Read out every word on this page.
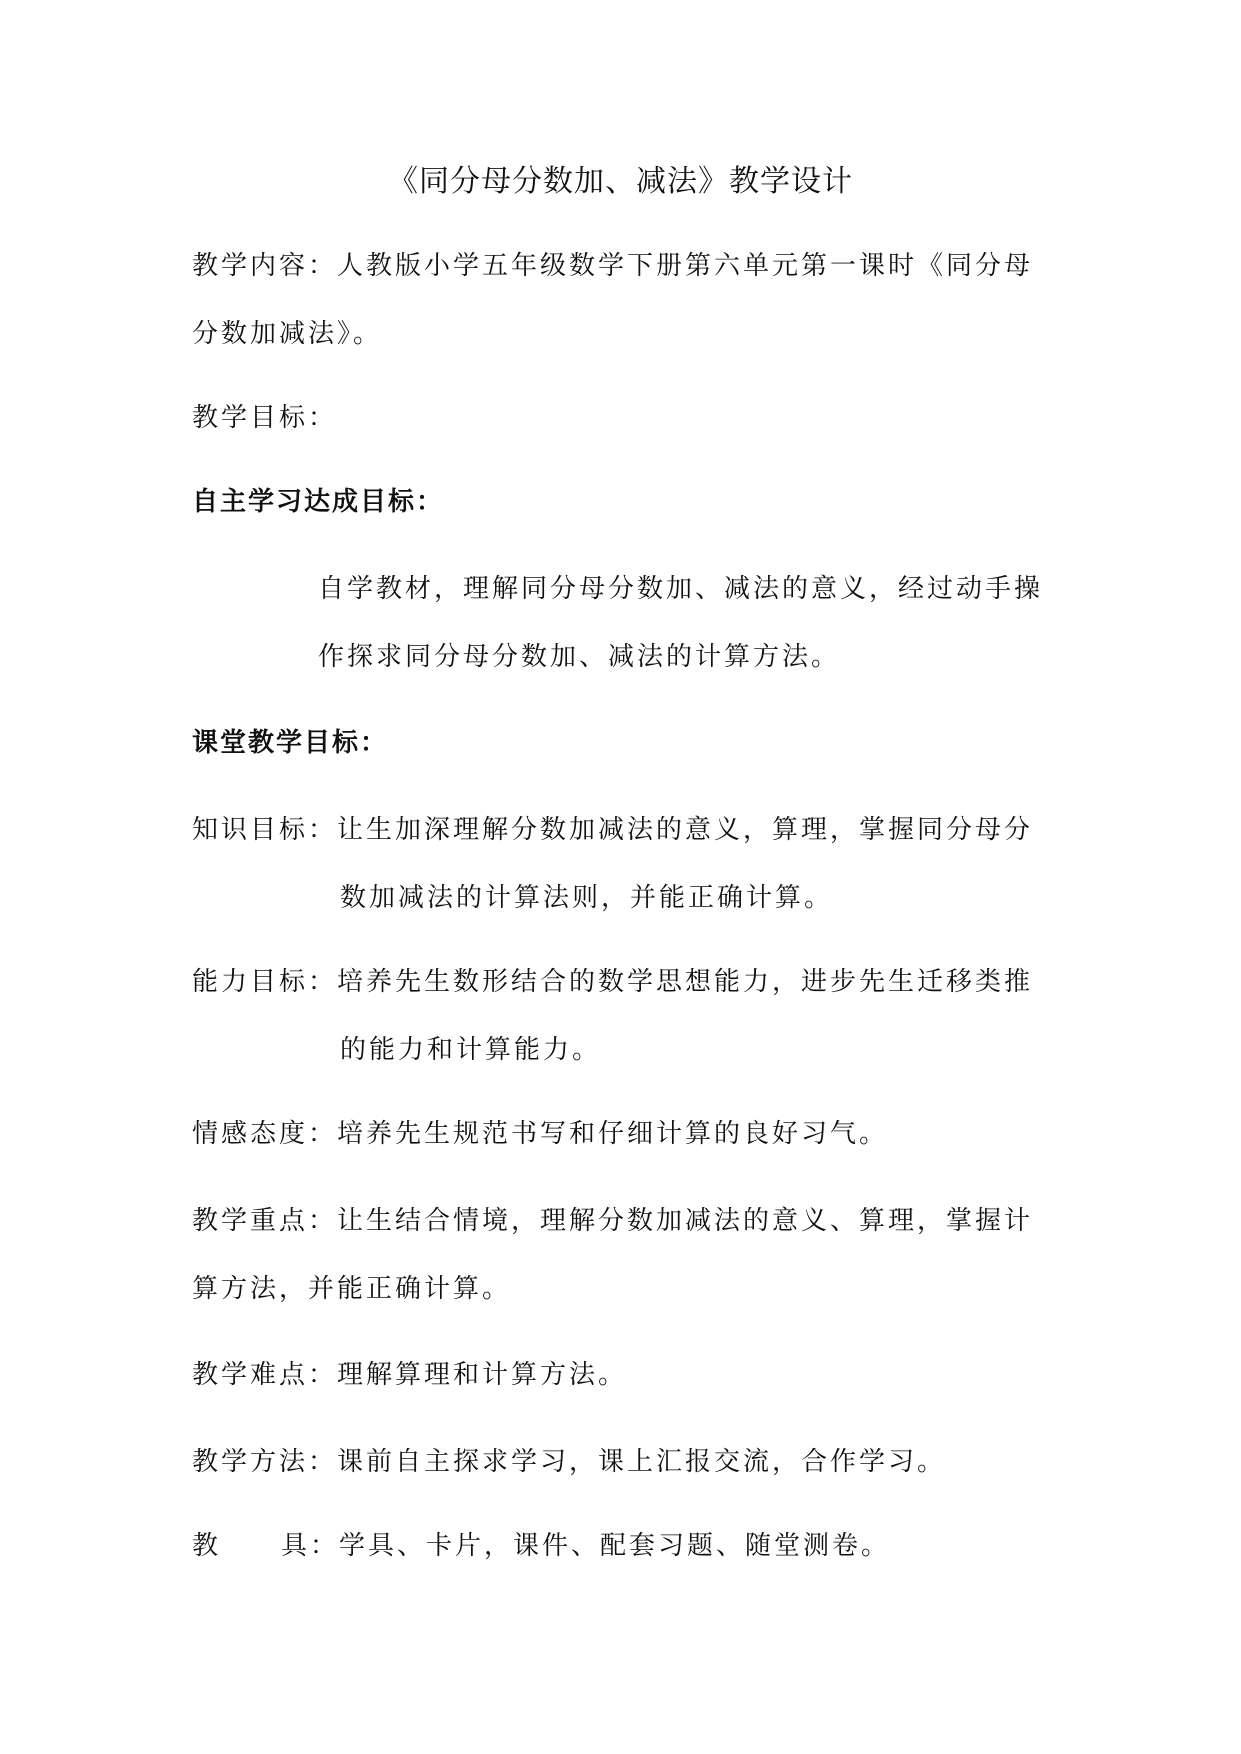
《同分母分数加、减法》教学设计
教学内容：人教版小学五年级数学下册第六单元第一课时《同分母
分数加减法》。
教学目标：
自主学习达成目标：
自学教材，理解同分母分数加、减法的意义，经过动手操
作探求同分母分数加、减法的计算方法。
课堂教学目标：
知识目标：让生加深理解分数加减法的意义，算理，掌握同分母分
数加减法的计算法则，并能正确计算。
能力目标：培养先生数形结合的数学思想能力，进步先生迁移类推
的能力和计算能力。
情感态度：培养先生规范书写和仔细计算的良好习气。
教学重点：让生结合情境，理解分数加减法的意义、算理，掌握计
算方法，并能正确计算。
教学难点：理解算理和计算方法。
教学方法：课前自主探求学习，课上汇报交流，合作学习。
教 具：学具、卡片，课件、配套习题、随堂测卷。
